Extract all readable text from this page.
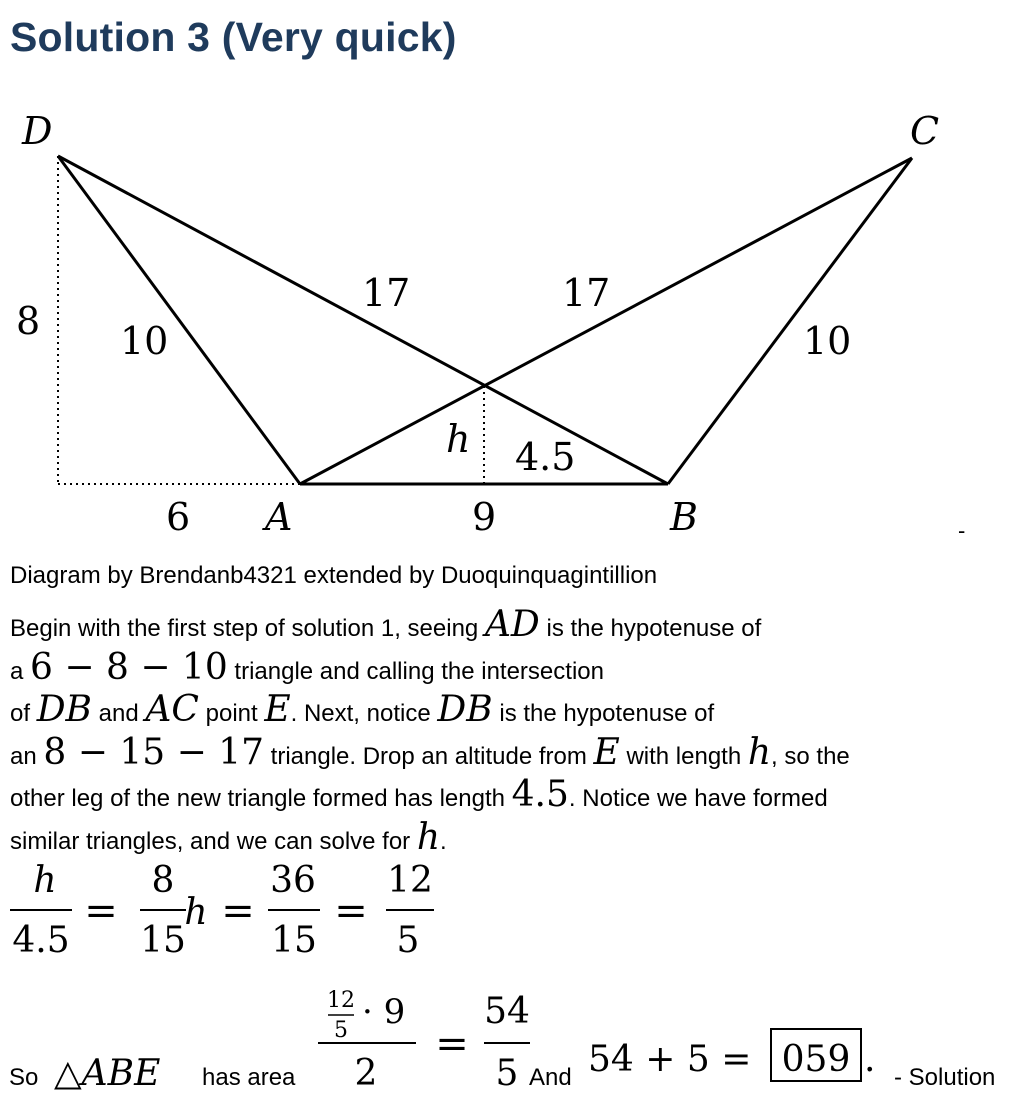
Solution 3 (Very quick)
D	C
A	B
8 10
17	17
10
h 4.5
6	9	-
Diagram by Brendanb4321 extended by Duoquinquagintillion
Begin with the first step of solution 1, seeing AD is the hypotenuse of
a 6 − 8 − 10 triangle and calling the intersection
of DB and AC point E. Next, notice DB is the hypotenuse of
an 8 − 15 − 17 triangle. Drop an altitude from E with length h, so the
other leg of the new triangle formed has length 4.5. Notice we have formed
similar triangles, and we can solve for h.
h
4.5
=
8
15
h =
36
15
=
12
5
So △ABE has area
12
5 · 9
2
=
54
5 And 54 + 5 = 059 . - Solution
